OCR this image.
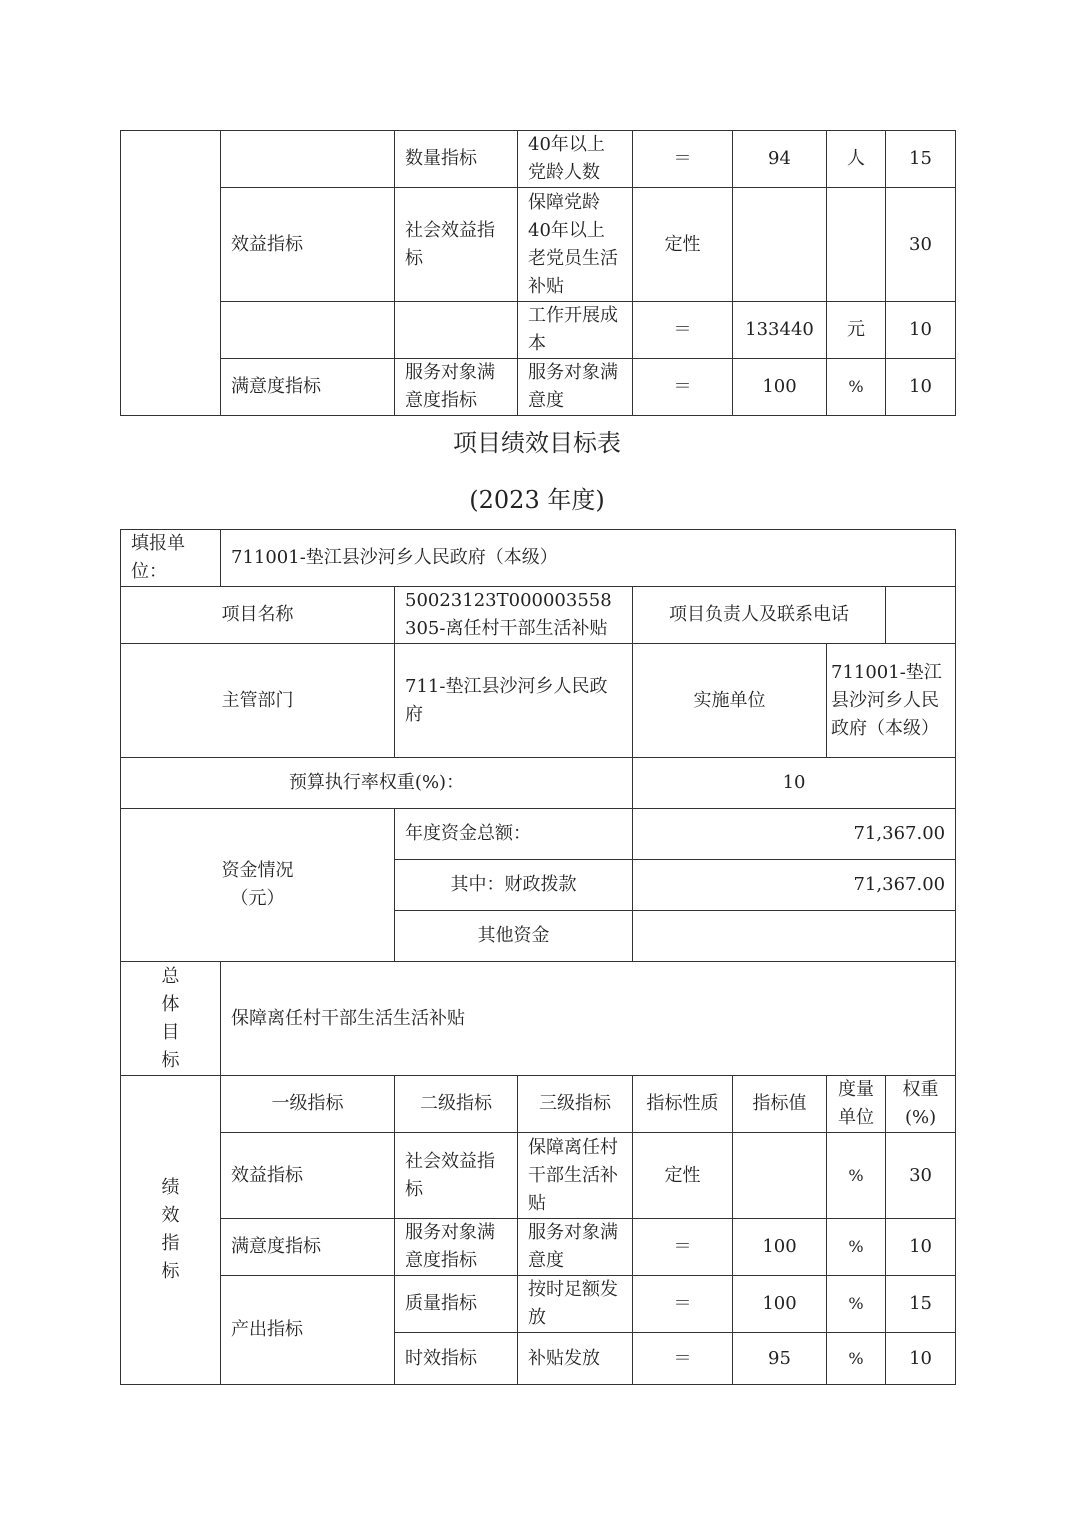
		数量指标	40年以上党龄人数	＝	94	人	15
	效益指标	社会效益指标	保障党龄40年以上老党员生活补贴	定性			30
			工作开展成本	＝	133440	元	10
	满意度指标	服务对象满意度指标	服务对象满意度	＝	100	%	10
项目绩效目标表
(2023 年度)
填报单位：	711001-垫江县沙河乡人民政府（本级）						
项目名称		50023123T000003558305-离任村干部生活补贴		项目负责人及联系电话			
主管部门		711-垫江县沙河乡人民政府		实施单位		711001-垫江县沙河乡人民政府（本级）	
预算执行率权重(%)：				10			
资金情况（元）		年度资金总额：		71,367.00			
		其中：财政拨款		71,367.00			
		其他资金					
总体目标	保障离任村干部生活生活补贴						
绩效指标	一级指标	二级指标	三级指标	指标性质	指标值	度量单位	权重(%)
	效益指标	社会效益指标	保障离任村干部生活补贴	定性		%	30
	满意度指标	服务对象满意度指标	服务对象满意度	＝	100	%	10
	产出指标	质量指标	按时足额发放	＝	100	%	15
		时效指标	补贴发放	＝	95	%	10
